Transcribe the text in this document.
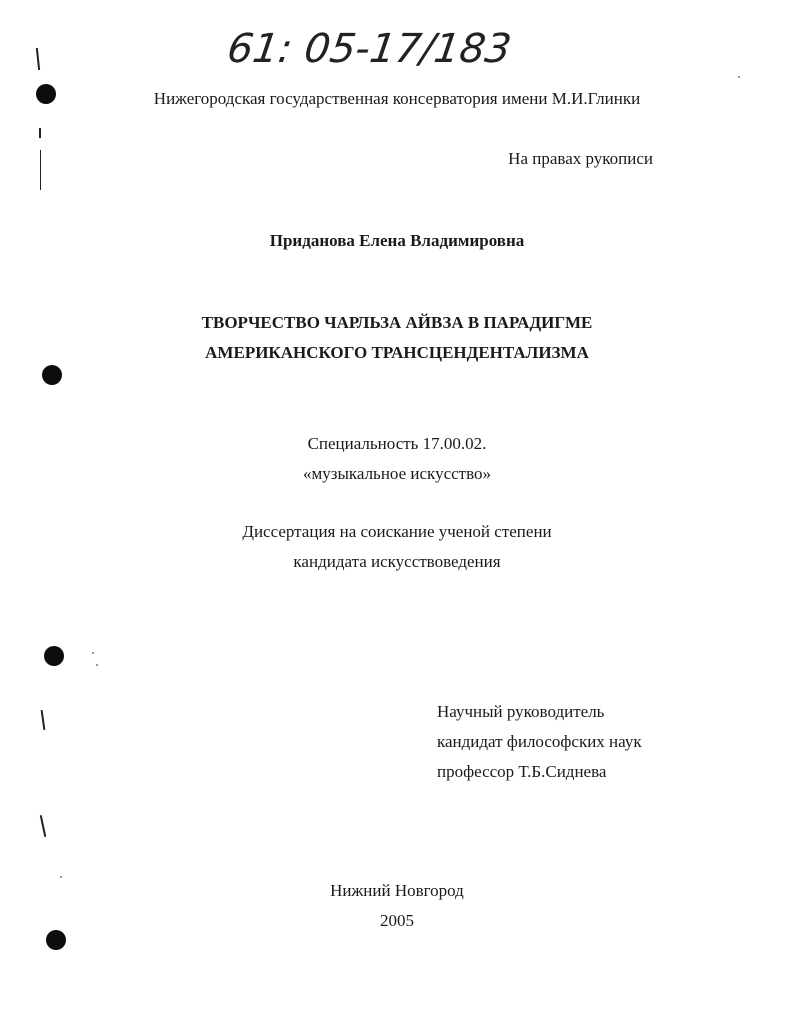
61: 05-17/183
Нижегородская государственная консерватория имени М.И.Глинки
На правах рукописи
Приданова Елена Владимировна
ТВОРЧЕСТВО ЧАРЛЬЗА АЙВЗА В ПАРАДИГМЕ
АМЕРИКАНСКОГО ТРАНСЦЕНДЕНТАЛИЗМА
Специальность 17.00.02.
«музыкальное искусство»
Диссертация на соискание ученой степени
кандидата искусствоведения
Научный руководитель
кандидат философских наук
профессор Т.Б.Сиднева
Нижний Новгород
2005
